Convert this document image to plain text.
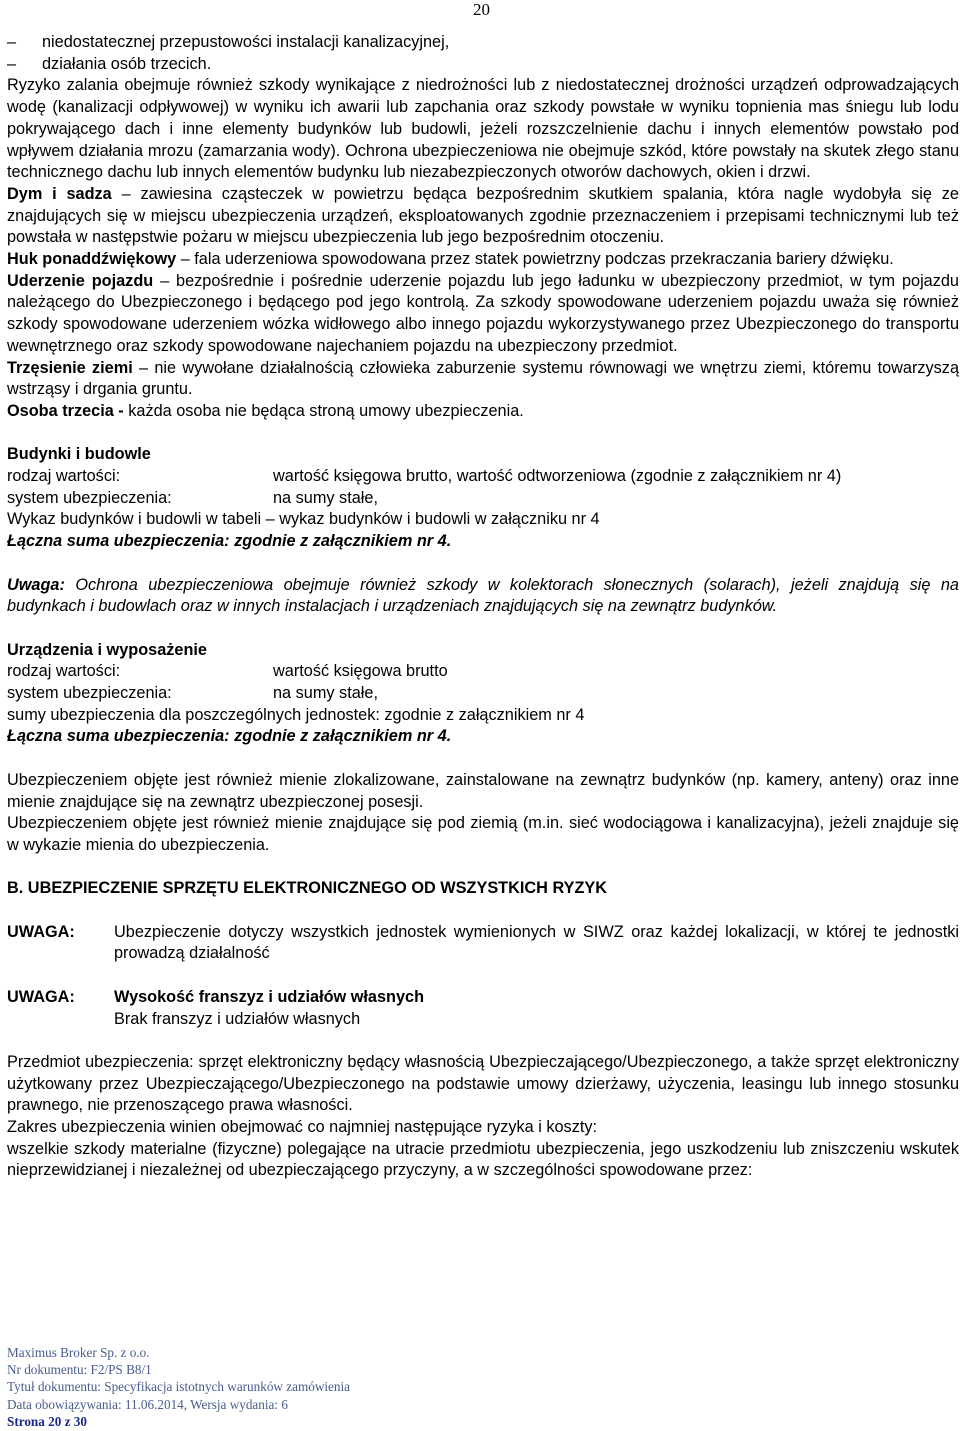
20

– niedostatecznej przepustowości instalacji kanalizacyjnej,

– działania osób trzecich.

Ryzyko zalania obejmuje również szkody wynikające z niedrożności lub z niedostatecznej drożności urządzeń odprowadzających wodę (kanalizacji odpływowej) w wyniku ich awarii lub zapchania oraz szkody powstałe w wyniku topnienia mas śniegu lub lodu pokrywającego dach i inne elementy budynków lub budowli, jeżeli rozszczelnienie dachu i innych elementów powstało pod wpływem działania mrozu (zamarzania wody). Ochrona ubezpieczeniowa nie obejmuje szkód, które powstały na skutek złego stanu technicznego dachu lub innych elementów budynku lub niezabezpieczonych otworów dachowych, okien i drzwi.

Dym i sadza – zawiesina cząsteczek w powietrzu będąca bezpośrednim skutkiem spalania, która nagle wydobyła się ze znajdujących się w miejscu ubezpieczenia urządzeń, eksploatowanych zgodnie przeznaczeniem i przepisami technicznymi lub też powstała w następstwie pożaru w miejscu ubezpieczenia lub jego bezpośrednim otoczeniu.

Huk ponaddźwiękowy – fala uderzeniowa spowodowana przez statek powietrzny podczas przekraczania bariery dźwięku.

Uderzenie pojazdu – bezpośrednie i pośrednie uderzenie pojazdu lub jego ładunku w ubezpieczony przedmiot, w tym pojazdu należącego do Ubezpieczonego i będącego pod jego kontrolą. Za szkody spowodowane uderzeniem pojazdu uważa się również szkody spowodowane uderzeniem wózka widłowego albo innego pojazdu wykorzystywanego przez Ubezpieczonego do transportu wewnętrznego oraz szkody spowodowane najechaniem pojazdu na ubezpieczony przedmiot.

Trzęsienie ziemi – nie wywołane działalnością człowieka zaburzenie systemu równowagi we wnętrzu ziemi, któremu towarzyszą wstrząsy i drgania gruntu.

Osoba trzecia - każda osoba nie będąca stroną umowy ubezpieczenia.

Budynki i budowle

rodzaj wartości:	wartość księgowa brutto, wartość odtworzeniowa (zgodnie z załącznikiem nr 4)
system ubezpieczenia:	na sumy stałe,

Wykaz budynków i budowli w tabeli – wykaz budynków i budowli w załączniku nr 4

Łączna suma ubezpieczenia: zgodnie z załącznikiem nr 4.

Uwaga: Ochrona ubezpieczeniowa obejmuje również szkody w kolektorach słonecznych (solarach), jeżeli znajdują się na budynkach i budowlach oraz w innych instalacjach i urządzeniach znajdujących się na zewnątrz budynków.

Urządzenia i wyposażenie

rodzaj wartości:	wartość księgowa brutto
system ubezpieczenia:	na sumy stałe,

sumy ubezpieczenia dla poszczególnych jednostek: zgodnie z załącznikiem nr 4

Łączna suma ubezpieczenia: zgodnie z załącznikiem nr 4.

Ubezpieczeniem objęte jest również mienie zlokalizowane, zainstalowane na zewnątrz budynków (np. kamery, anteny) oraz inne mienie znajdujące się na zewnątrz ubezpieczonej posesji.

Ubezpieczeniem objęte jest również mienie znajdujące się pod ziemią (m.in. sieć wodociągowa i kanalizacyjna), jeżeli znajduje się w wykazie mienia do ubezpieczenia.

B. UBEZPIECZENIE SPRZĘTU ELEKTRONICZNEGO OD WSZYSTKICH RYZYK

UWAGA:	Ubezpieczenie dotyczy wszystkich jednostek wymienionych w SIWZ oraz każdej lokalizacji, w której te jednostki prowadzą działalność
UWAGA:	Wysokość franszyz i udziałów własnych
Brak franszyz i udziałów własnych

Przedmiot ubezpieczenia: sprzęt elektroniczny będący własnością Ubezpieczającego/Ubezpieczonego, a także sprzęt elektroniczny użytkowany przez Ubezpieczającego/Ubezpieczonego na podstawie umowy dzierżawy, użyczenia, leasingu lub innego stosunku prawnego, nie przenoszącego prawa własności.

Zakres ubezpieczenia winien obejmować co najmniej następujące ryzyka i koszty:

wszelkie szkody materialne (fizyczne) polegające na utracie przedmiotu ubezpieczenia, jego uszkodzeniu lub zniszczeniu wskutek nieprzewidzianej i niezależnej od ubezpieczającego przyczyny, a w szczególności spowodowane przez:

Maximus Broker Sp. z o.o.
Nr dokumentu: F2/PS B8/1
Tytuł dokumentu: Specyfikacja istotnych warunków zamówienia
Data obowiązywania: 11.06.2014, Wersja wydania: 6
Strona 20 z 30
